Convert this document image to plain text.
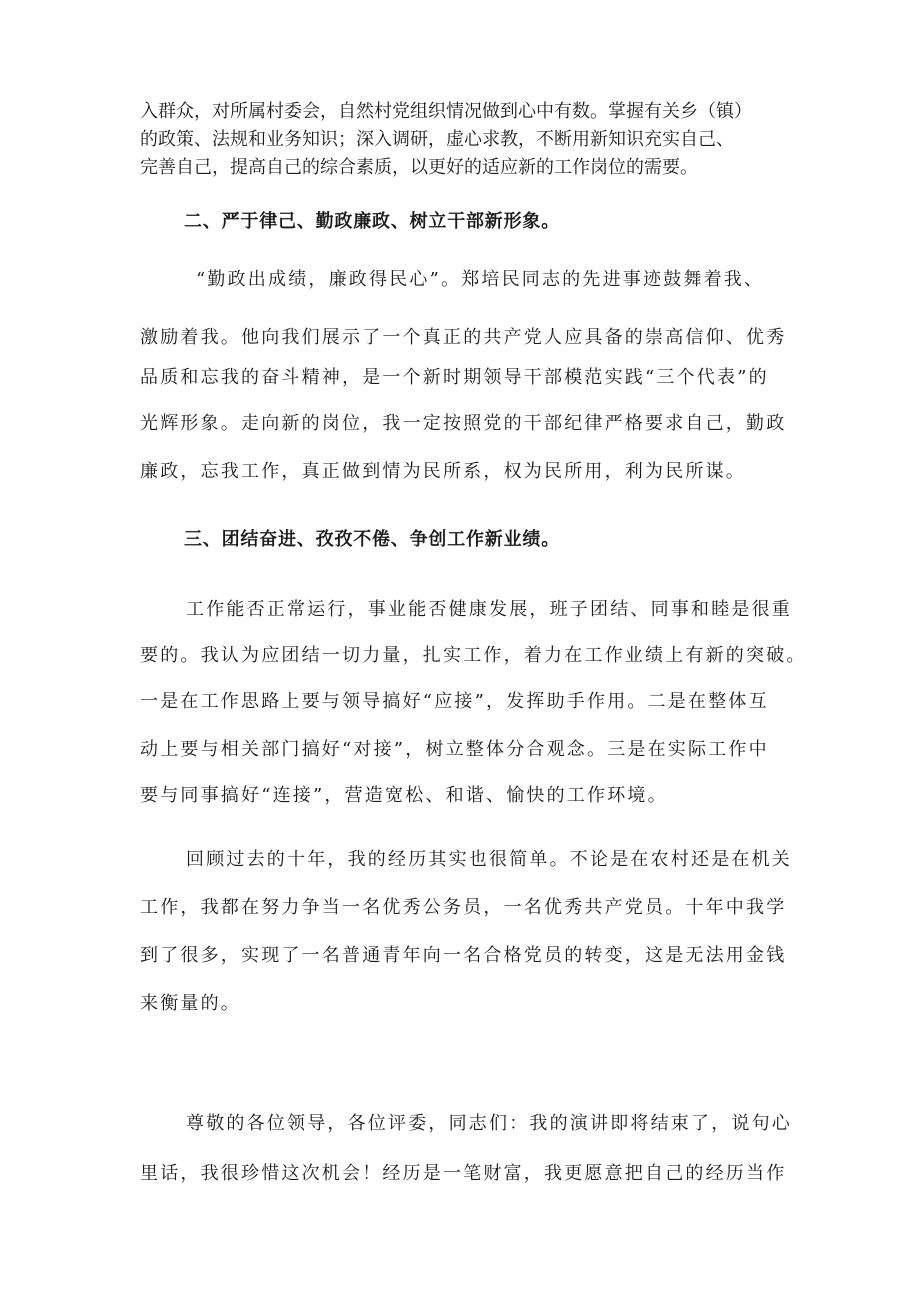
入群众，对所属村委会，自然村党组织情况做到心中有数。掌握有关乡（镇）
的政策、法规和业务知识；深入调研，虚心求教，不断用新知识充实自己、
完善自己，提高自己的综合素质，以更好的适应新的工作岗位的需要。
二、严于律己、勤政廉政、树立干部新形象。
“勤政出成绩，廉政得民心”。郑培民同志的先进事迹鼓舞着我、
激励着我。他向我们展示了一个真正的共产党人应具备的崇高信仰、优秀
品质和忘我的奋斗精神，是一个新时期领导干部模范实践“三个代表”的
光辉形象。走向新的岗位，我一定按照党的干部纪律严格要求自己，勤政
廉政，忘我工作，真正做到情为民所系，权为民所用，利为民所谋。
三、团结奋进、孜孜不倦、争创工作新业绩。
工作能否正常运行，事业能否健康发展，班子团结、同事和睦是很重
要的。我认为应团结一切力量，扎实工作，着力在工作业绩上有新的突破。
一是在工作思路上要与领导搞好“应接”，发挥助手作用。二是在整体互
动上要与相关部门搞好“对接”，树立整体分合观念。三是在实际工作中
要与同事搞好“连接”，营造宽松、和谐、愉快的工作环境。
回顾过去的十年，我的经历其实也很简单。不论是在农村还是在机关
工作，我都在努力争当一名优秀公务员，一名优秀共产党员。十年中我学
到了很多，实现了一名普通青年向一名合格党员的转变，这是无法用金钱
来衡量的。
尊敬的各位领导，各位评委，同志们：我的演讲即将结束了，说句心
里话，我很珍惜这次机会！经历是一笔财富，我更愿意把自己的经历当作
